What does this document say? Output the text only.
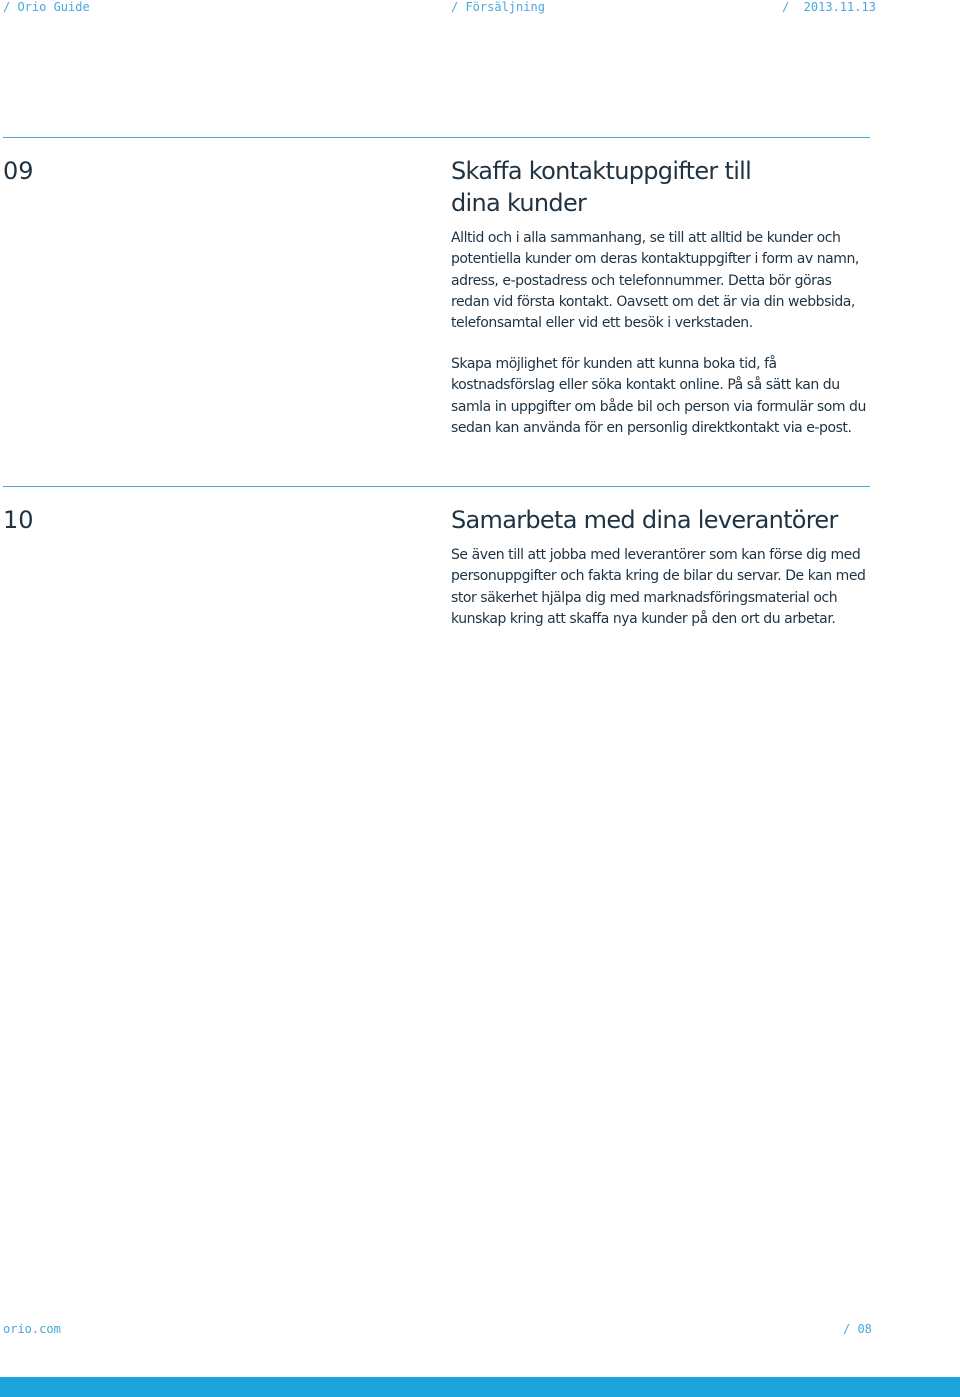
/ Orio Guide	/ Försäljning	/  2013.11.13
09	Skaffa kontaktuppgifter till
dina kunder

Alltid och i alla sammanhang, se till att alltid be kunder och potentiella kunder om deras kontaktuppgifter i form av namn, adress, e-postadress och telefonnummer. Detta bör göras redan vid första kontakt. Oavsett om det är via din webbsida, telefonsamtal eller vid ett besök i verkstaden.

Skapa möjlighet för kunden att kunna boka tid, få kostnadsförslag eller söka kontakt online. På så sätt kan du samla in uppgifter om både bil och person via formulär som du sedan kan använda för en personlig direktkontakt via e-post.

10	Samarbeta med dina leverantörer

Se även till att jobba med leverantörer som kan förse dig med personuppgifter och fakta kring de bilar du servar. De kan med stor säkerhet hjälpa dig med marknadsföringsmaterial och kunskap kring att skaffa nya kunder på den ort du arbetar.

orio.com	/ 08
